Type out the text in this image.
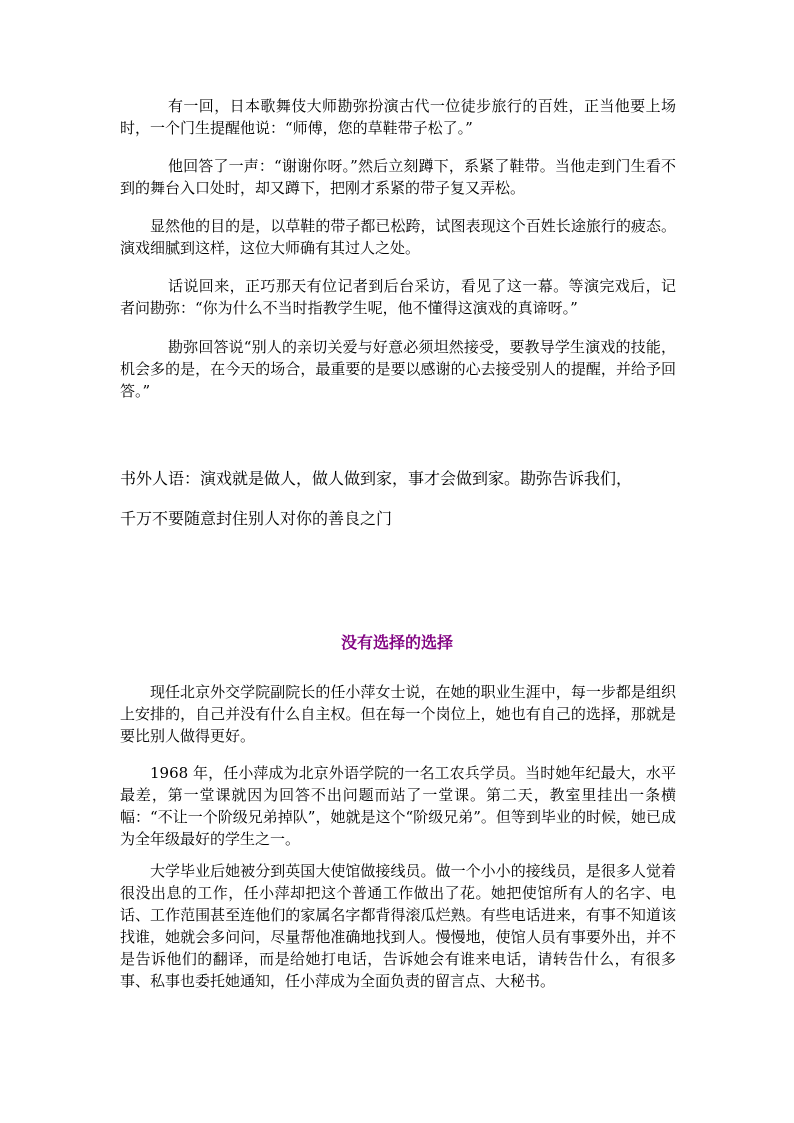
有一回，日本歌舞伎大师勘弥扮演古代一位徒步旅行的百姓，正当他要上场时，一个门生提醒他说：“师傅，您的草鞋带子松了。”

他回答了一声：“谢谢你呀。”然后立刻蹲下，系紧了鞋带。当他走到门生看不到的舞台入口处时，却又蹲下，把刚才系紧的带子复又弄松。

显然他的目的是，以草鞋的带子都已松跨，试图表现这个百姓长途旅行的疲态。演戏细腻到这样，这位大师确有其过人之处。

话说回来，正巧那天有位记者到后台采访，看见了这一幕。等演完戏后，记者问勘弥：“你为什么不当时指教学生呢，他不懂得这演戏的真谛呀。”

勘弥回答说“别人的亲切关爱与好意必须坦然接受，要教导学生演戏的技能，机会多的是，在今天的场合，最重要的是要以感谢的心去接受别人的提醒，并给予回答。”

书外人语：演戏就是做人，做人做到家，事才会做到家。勘弥告诉我们，

千万不要随意封住别人对你的善良之门

没有选择的选择

现任北京外交学院副院长的任小萍女士说，在她的职业生涯中，每一步都是组织上安排的，自己并没有什么自主权。但在每一个岗位上，她也有自己的选择，那就是要比别人做得更好。

1968 年，任小萍成为北京外语学院的一名工农兵学员。当时她年纪最大，水平最差，第一堂课就因为回答不出问题而站了一堂课。第二天，教室里挂出一条横幅：“不让一个阶级兄弟掉队”，她就是这个“阶级兄弟”。但等到毕业的时候，她已成为全年级最好的学生之一。

大学毕业后她被分到英国大使馆做接线员。做一个小小的接线员，是很多人觉着很没出息的工作，任小萍却把这个普通工作做出了花。她把使馆所有人的名字、电话、工作范围甚至连他们的家属名字都背得滚瓜烂熟。有些电话进来，有事不知道该找谁，她就会多问问，尽量帮他准确地找到人。慢慢地，使馆人员有事要外出，并不是告诉他们的翻译，而是给她打电话，告诉她会有谁来电话，请转告什么，有很多事、私事也委托她通知，任小萍成为全面负责的留言点、大秘书。
